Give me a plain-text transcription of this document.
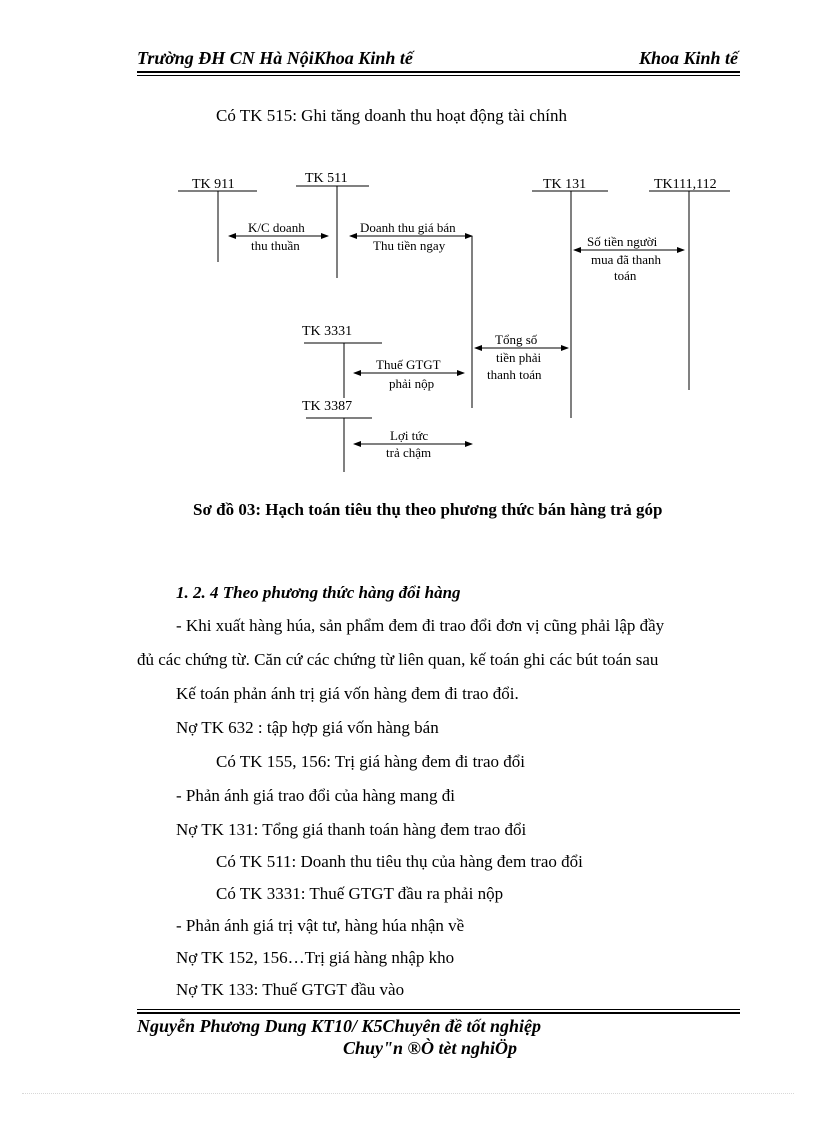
Trường ĐH CN Hà NộiKhoa Kinh tế	Khoa Kinh tế
Có TK 515: Ghi tăng doanh thu hoạt động tài chính
TK 911	TK 511	TK 131	TK111,112
TK 3331
TK 3387
K/C doanh
thu thuần
Doanh thu giá bán
Thu tiền ngay	Số tiền người
mua đã thanh
toán
Tổng số
tiền phải
thanh toán
Thuế GTGT
phải nộp
Lợi tức
trả chậm
Sơ đồ 03: Hạch toán tiêu thụ theo phương thức bán hàng trả góp
1. 2. 4 Theo phương thức hàng đổi hàng
- Khi xuất hàng húa, sản phẩm đem đi trao đổi đơn vị cũng phải lập đầy
đủ các chứng từ. Căn cứ các chứng từ liên quan, kế toán ghi các bút toán sau
Kế toán phản ánh trị giá vốn hàng đem đi trao đổi.
Nợ TK 632 : tập hợp giá vốn hàng bán
Có TK 155, 156: Trị giá hàng đem đi trao đổi
- Phản ánh giá trao đổi của hàng mang đi
Nợ TK 131: Tổng giá thanh toán hàng đem trao đổi
Có TK 511: Doanh thu tiêu thụ của hàng đem trao đổi
Có TK 3331: Thuế GTGT đầu ra phải nộp
- Phản ánh giá trị vật tư, hàng húa nhận về
Nợ TK 152, 156…Trị giá hàng nhập kho
Nợ TK 133: Thuế GTGT đầu vào
Nguyễn Phương Dung KT10/ K5Chuyên đề tốt nghiệp
Chuy"n ®Ò tèt nghiÖp
